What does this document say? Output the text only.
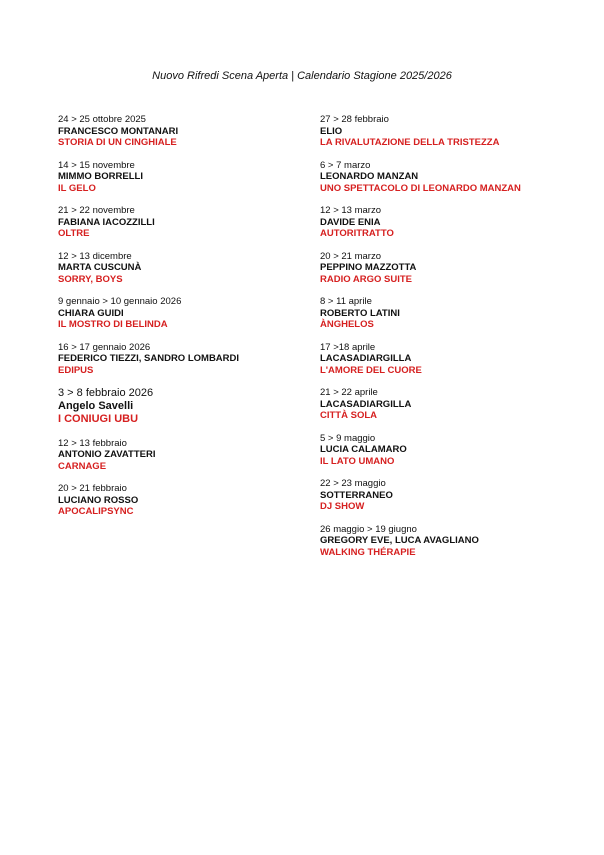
Nuovo Rifredi Scena Aperta | Calendario Stagione 2025/2026
24 > 25 ottobre 2025
FRANCESCO MONTANARI
STORIA DI UN CINGHIALE
14 > 15 novembre
MIMMO BORRELLI
IL GELO
21 > 22 novembre
FABIANA IACOZZILLI
OLTRE
12 > 13 dicembre
MARTA CUSCUNÀ
SORRY, BOYS
9 gennaio > 10 gennaio 2026
CHIARA GUIDI
IL MOSTRO DI BELINDA
16 > 17 gennaio 2026
FEDERICO TIEZZI, SANDRO LOMBARDI
EDIPUS
3 > 8 febbraio 2026
Angelo Savelli
I CONIUGI UBU
12 > 13 febbraio
ANTONIO ZAVATTERI
CARNAGE
20 > 21 febbraio
LUCIANO ROSSO
APOCALIPSYNC
27 > 28 febbraio
ELIO
LA RIVALUTAZIONE DELLA TRISTEZZA
6 > 7 marzo
LEONARDO MANZAN
UNO SPETTACOLO DI LEONARDO MANZAN
12 > 13 marzo
DAVIDE ENIA
AUTORITRATTO
20 > 21 marzo
PEPPINO MAZZOTTA
RADIO ARGO SUITE
8 > 11 aprile
ROBERTO LATINI
ÀNGHELOS
17 >18 aprile
LACASADIARGILLA
L'AMORE DEL CUORE
21 > 22 aprile
LACASADIARGILLA
CITTÀ SOLA
5 > 9 maggio
LUCIA CALAMARO
IL LATO UMANO
22 > 23 maggio
SOTTERRANEO
DJ SHOW
26 maggio > 19 giugno
GREGORY EVE, LUCA AVAGLIANO
WALKING THÉRAPIE
